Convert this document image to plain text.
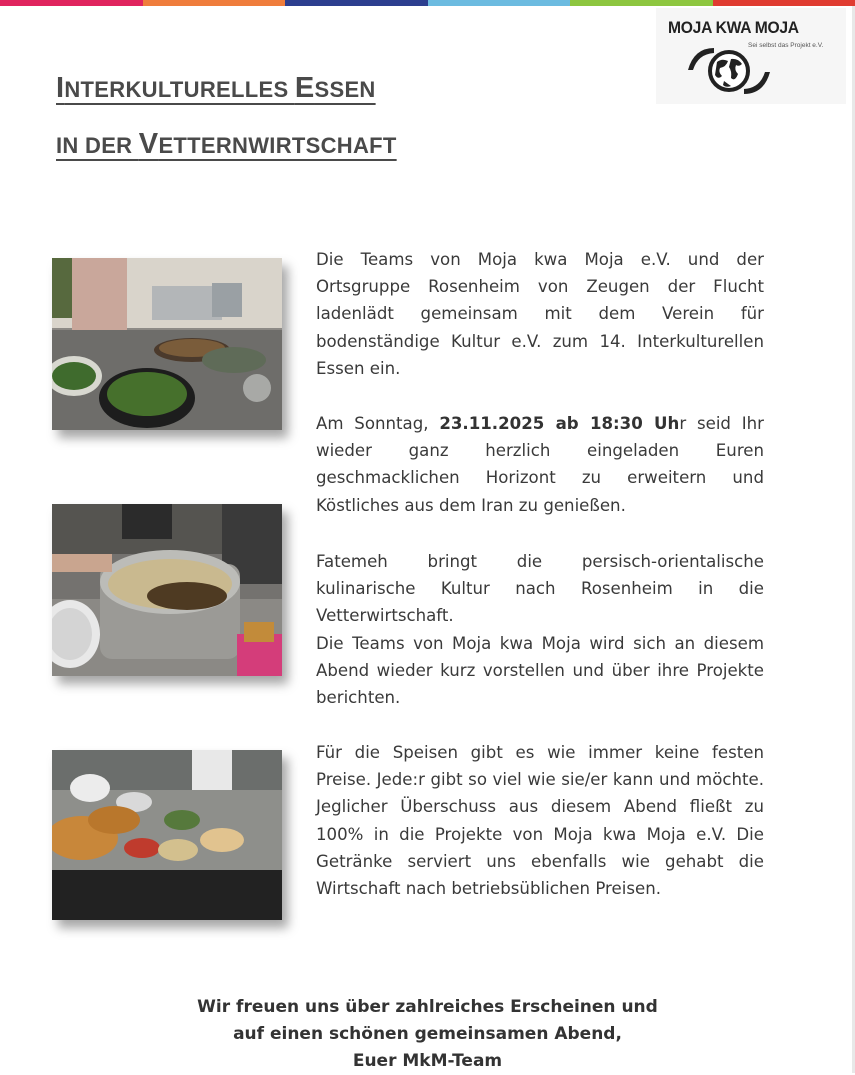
MOJA KWA MOJA
Sei selbst das Projekt e.V.
INTERKULTURELLES ESSEN
IN DER VETTERNWIRTSCHAFT

Die Teams von Moja kwa Moja e.V. und der Ortsgruppe Rosenheim von Zeugen der Flucht ladenlädt gemeinsam mit dem Verein für bodenständige Kultur e.V. zum 14. Interkulturellen Essen ein.

Am Sonntag, 23.11.2025 ab 18:30 Uhr seid Ihr wieder ganz herzlich eingeladen Euren geschmacklichen Horizont zu erweitern und Köstliches aus dem Iran zu genießen.

Fatemeh bringt die persisch-orientalische kulinarische Kultur nach Rosenheim in die Vetterwirtschaft.

Die Teams von Moja kwa Moja wird sich an diesem Abend wieder kurz vorstellen und über ihre Projekte berichten.

Für die Speisen gibt es wie immer keine festen Preise. Jede:r gibt so viel wie sie/er kann und möchte. Jeglicher Überschuss aus diesem Abend fließt zu 100% in die Projekte von Moja kwa Moja e.V. Die Getränke serviert uns ebenfalls wie gehabt die Wirtschaft nach betriebsüblichen Preisen.

Wir freuen uns über zahlreiches Erscheinen und
auf einen schönen gemeinsamen Abend,
Euer MkM-Team
